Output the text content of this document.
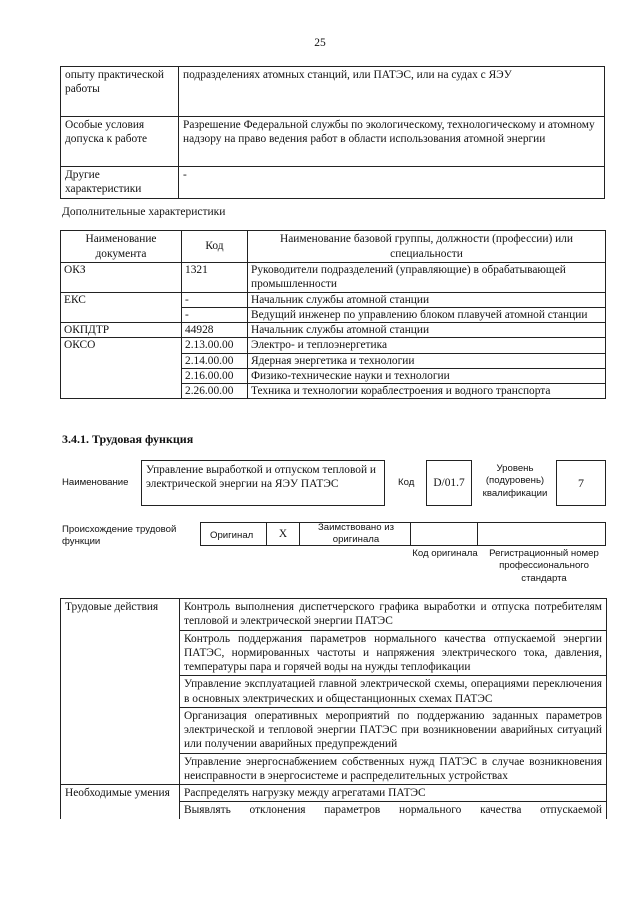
25
опыту практической работы	подразделениях атомных станций, или ПАТЭС, или на судах с ЯЭУ
Особые условия допуска к работе	Разрешение Федеральной службы по экологическому, технологическому и атомному надзору на право ведения работ в области использования атомной энергии
Другие характеристики	-
Дополнительные характеристики
Наименование документа	Код	Наименование базовой группы, должности (профессии) или специальности
ОКЗ	1321	Руководители подразделений (управляющие) в обрабатывающей промышленности
ЕКС	-	Начальник службы атомной станции
	-	Ведущий инженер по управлению блоком плавучей атомной станции
ОКПДТР	44928	Начальник службы атомной станции
ОКСО	2.13.00.00	Электро- и теплоэнергетика
	2.14.00.00	Ядерная энергетика и технологии
	2.16.00.00	Физико-технические науки и технологии
	2.26.00.00	Техника и технологии кораблестроения и водного транспорта
3.4.1. Трудовая функция
Наименование
Управление выработкой и отпуском тепловой и электрической энергии на ЯЭУ ПАТЭС	Код D/01.7
Уровень (подуровень) квалификации
7
Происхождение трудовой функции
Оригинал X
Заимствовано из оригинала
Код оригинала	Регистрационный номер профессионального стандарта
Трудовые действия	Контроль выполнения диспетчерского графика выработки и отпуска потребителям тепловой и электрической энергии ПАТЭС
	Контроль поддержания параметров нормального качества отпускаемой энергии ПАТЭС, нормированных частоты и напряжения электрического тока, давления, температуры пара и горячей воды на нужды теплофикации
	Управление эксплуатацией главной электрической схемы, операциями переключения в основных электрических и общестанционных схемах ПАТЭС
	Организация оперативных мероприятий по поддержанию заданных параметров электрической и тепловой энергии ПАТЭС при возникновении аварийных ситуаций или получении аварийных предупреждений
	Управление энергоснабжением собственных нужд ПАТЭС в случае возникновения неисправности в энергосистеме и распределительных устройствах
Необходимые умения	Распределять нагрузку между агрегатами ПАТЭС
	Выявлять отклонения параметров нормального качества отпускаемой
